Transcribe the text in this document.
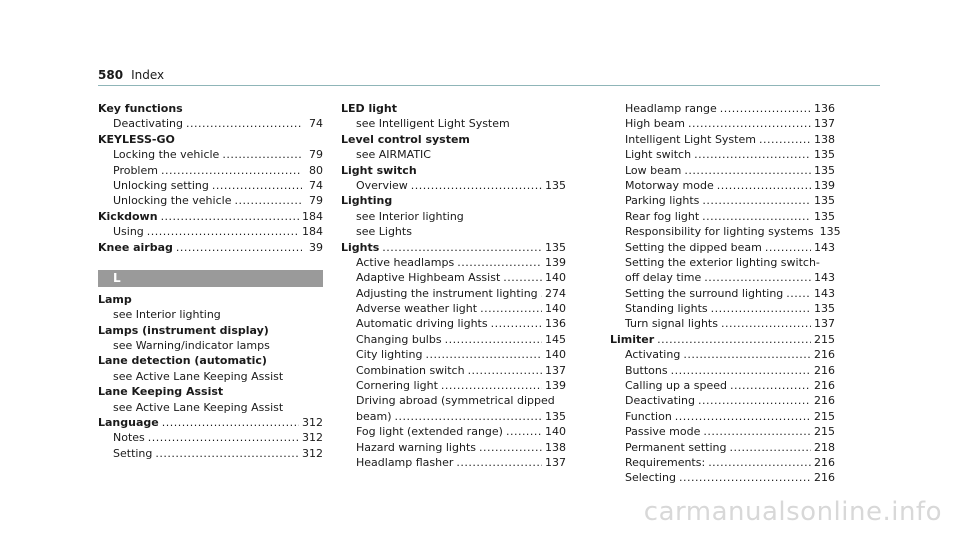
580 Index
Key functions
Deactivating .....	74
KEYLESS-GO
Locking the vehicle .....	79
Problem .....	80
Unlocking setting .....	74
Unlocking the vehicle .....	79
Kickdown .....	184
Using .....	184
Knee airbag .....	39
L
Lamp
see Interior lighting
Lamps (instrument display)
see Warning/indicator lamps
Lane detection (automatic)
see Active Lane Keeping Assist
Lane Keeping Assist
see Active Lane Keeping Assist
Language .....	312
Notes .....	312
Setting .....	312
LED light
see Intelligent Light System
Level control system
see AIRMATIC
Light switch
Overview .....	135
Lighting
see Interior lighting
see Lights
Lights .....	135
Active headlamps .....	139
Adaptive Highbeam Assist .....	140
Adjusting the instrument lighting ..... 274
Adverse weather light .....	140
Automatic driving lights .....	136
Changing bulbs .....	145
City lighting .....	140
Combination switch .....	137
Cornering light .....	139
Driving abroad (symmetrical dipped
beam) .....	135
Fog light (extended range) .....	140
Hazard warning lights .....	138
Headlamp flasher .....	137
Headlamp range .....	136
High beam .....	137
Intelligent Light System .....	138
Light switch .....	135
Low beam .....	135
Motorway mode .....	139
Parking lights .....	135
Rear fog light .....	135
Responsibility for lighting systems 135
Setting the dipped beam .....	143
Setting the exterior lighting switch-
off delay time .....	143
Setting the surround lighting .....	143
Standing lights .....	135
Turn signal lights .....	137
Limiter .....	215
Activating .....	216
Buttons .....	216
Calling up a speed .....	216
Deactivating .....	216
Function .....	215
Passive mode .....	215
Permanent setting .....	218
Requirements: .....	216
Selecting .....	216
carmanualsonline.info
